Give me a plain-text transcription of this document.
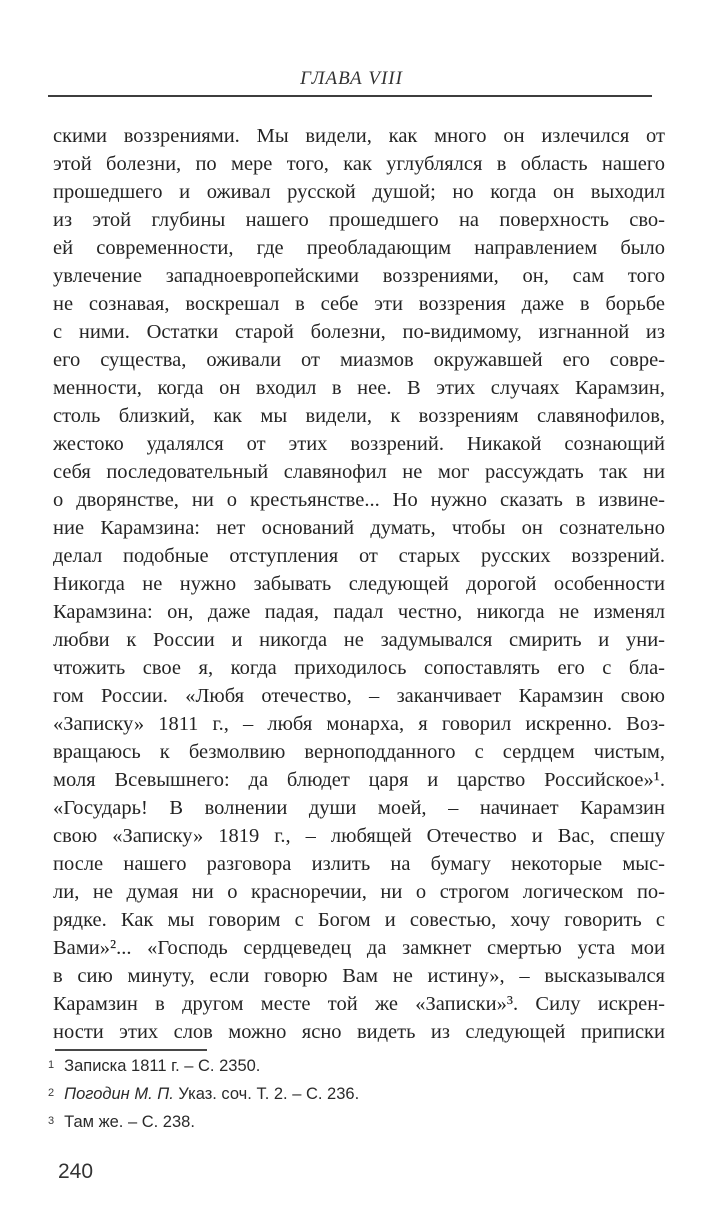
ГЛАВА VIII
скими воззрениями. Мы видели, как много он излечился от
этой болезни, по мере того, как углублялся в область нашего
прошедшего и оживал русской душой; но когда он выходил
из этой глубины нашего прошедшего на поверхность сво-
ей современности, где преобладающим направлением было
увлечение западноевропейскими воззрениями, он, сам того
не сознавая, воскрешал в себе эти воззрения даже в борьбе
с ними. Остатки старой болезни, по-видимому, изгнанной из
его существа, оживали от миазмов окружавшей его совре-
менности, когда он входил в нее. В этих случаях Карамзин,
столь близкий, как мы видели, к воззрениям славянофилов,
жестоко удалялся от этих воззрений. Никакой сознающий
себя последовательный славянофил не мог рассуждать так ни
о дворянстве, ни о крестьянстве... Но нужно сказать в извине-
ние Карамзина: нет оснований думать, чтобы он сознательно
делал подобные отступления от старых русских воззрений.
Никогда не нужно забывать следующей дорогой особенности
Карамзина: он, даже падая, падал честно, никогда не изменял
любви к России и никогда не задумывался смирить и уни-
чтожить свое я, когда приходилось сопоставлять его с бла-
гом России. «Любя отечество, – заканчивает Карамзин свою
«Записку» 1811 г., – любя монарха, я говорил искренно. Воз-
вращаюсь к безмолвию верноподданного с сердцем чистым,
моля Всевышнего: да блюдет царя и царство Российское»¹.
«Государь! В волнении души моей, – начинает Карамзин
свою «Записку» 1819 г., – любящей Отечество и Вас, спешу
после нашего разговора излить на бумагу некоторые мыс-
ли, не думая ни о красноречии, ни о строгом логическом по-
рядке. Как мы говорим с Богом и совестью, хочу говорить с
Вами»²... «Господь сердцеведец да замкнет смертью уста мои
в сию минуту, если говорю Вам не истину», – высказывался
Карамзин в другом месте той же «Записки»³. Силу искрен-
ности этих слов можно ясно видеть из следующей приписки
$^1$ Записка 1811 г. – С. 2350.
$^2$ Погодин М. П. Указ. соч. Т. 2. – С. 236.
$^3$ Там же. – С. 238.
240
